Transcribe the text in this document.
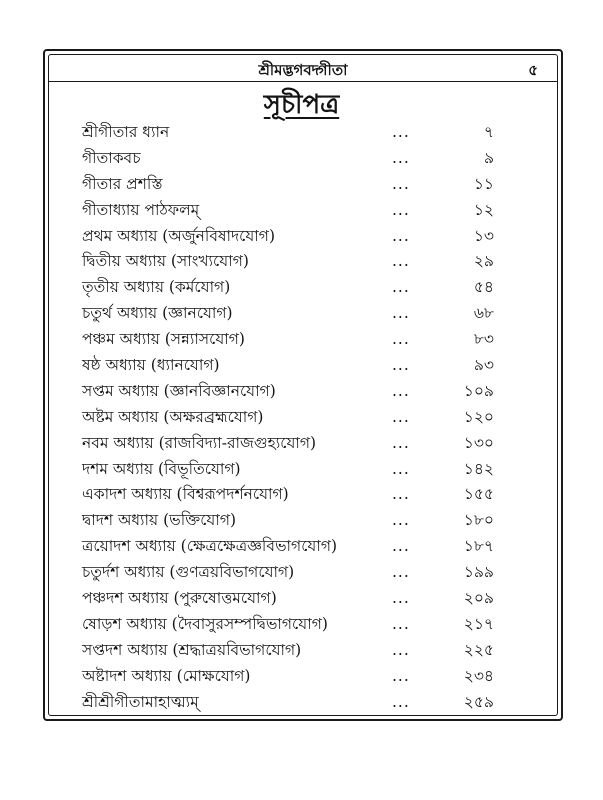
শ্রীমদ্ভগবদ্গীতা	৫
সূচীপত্র
শ্রীগীতার ধ্যান	...	৭
গীতাকবচ	...	৯
গীতার প্রশস্তি	...	১১
গীতাধ্যায় পাঠফলম্	...	১২
প্রথম অধ্যায় (অর্জুনবিষাদযোগ)	...	১৩
দ্বিতীয় অধ্যায় (সাংখ্যযোগ)	...	২৯
তৃতীয় অধ্যায় (কর্মযোগ)	...	৫৪
চতুর্থ অধ্যায় (জ্ঞানযোগ)	...	৬৮
পঞ্চম অধ্যায় (সন্ন্যাসযোগ)	...	৮৩
ষষ্ঠ অধ্যায় (ধ্যানযোগ)	...	৯৩
সপ্তম অধ্যায় (জ্ঞানবিজ্ঞানযোগ)	...	১০৯
অষ্টম অধ্যায় (অক্ষরব্রহ্মযোগ)	...	১২০
নবম অধ্যায় (রাজবিদ্যা-রাজগুহ্যযোগ)	...	১৩০
দশম অধ্যায় (বিভূতিযোগ)	...	১৪২
একাদশ অধ্যায় (বিশ্বরূপদর্শনযোগ)	...	১৫৫
দ্বাদশ অধ্যায় (ভক্তিযোগ)	...	১৮০
ত্রয়োদশ অধ্যায় (ক্ষেত্রক্ষেত্রজ্ঞবিভাগযোগ)	...	১৮৭
চতুর্দশ অধ্যায় (গুণত্রয়বিভাগযোগ)	...	১৯৯
পঞ্চদশ অধ্যায় (পুরুষোত্তমযোগ)	...	২০৯
ষোড়শ অধ্যায় (দৈবাসুরসম্পদ্বিভাগযোগ)	...	২১৭
সপ্তদশ অধ্যায় (শ্রদ্ধাত্রয়বিভাগযোগ)	...	২২৫
অষ্টাদশ অধ্যায় (মোক্ষযোগ)	...	২৩৪
শ্রীশ্রীগীতামাহাত্ম্যম্	...	২৫৯
